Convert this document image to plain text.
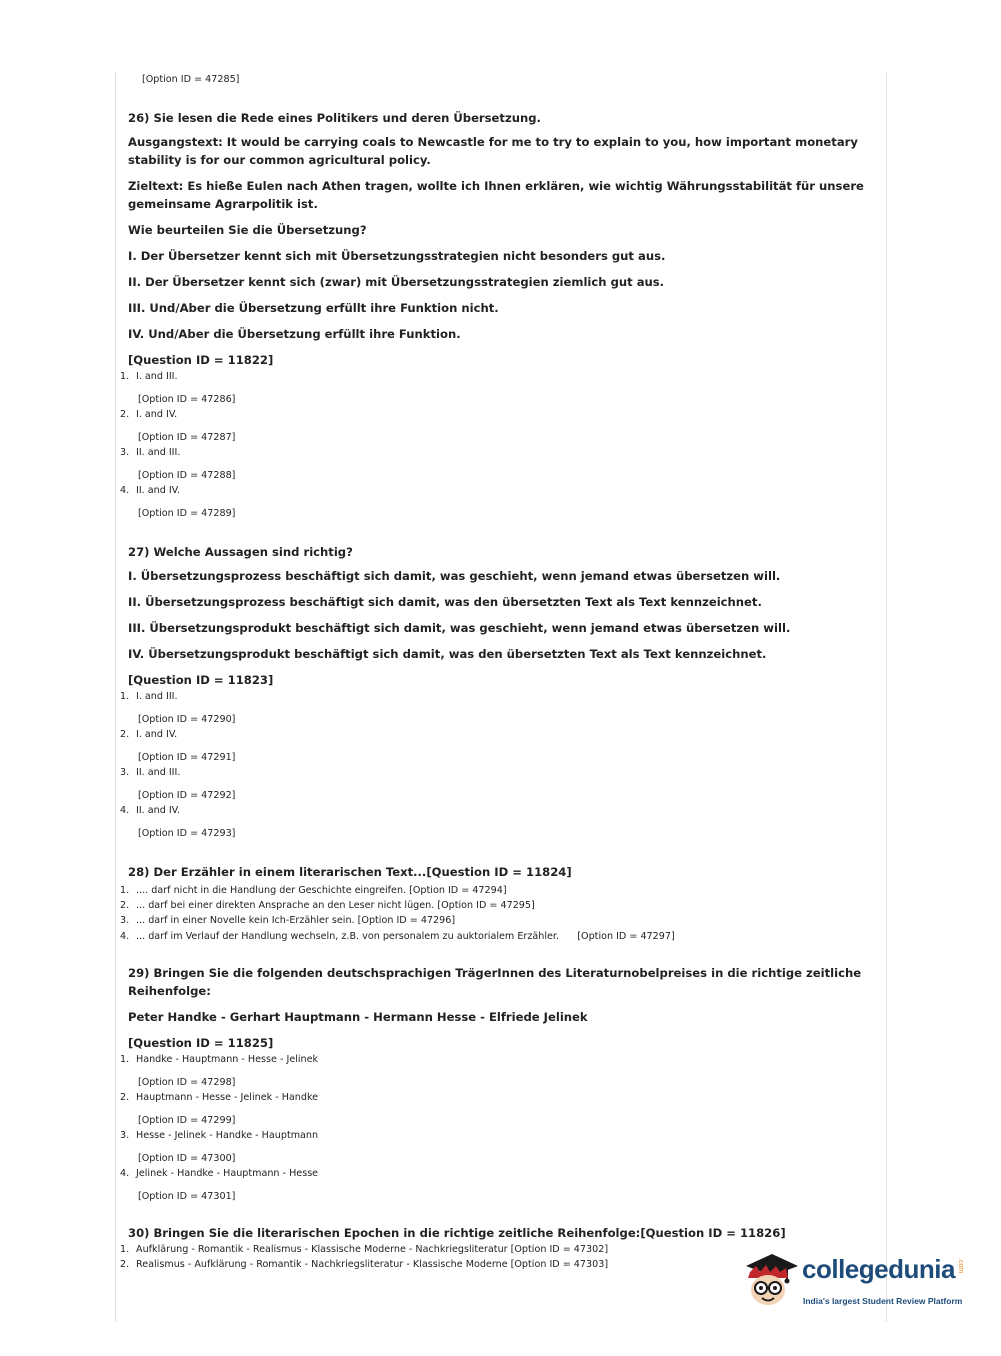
[Option ID = 47285]
26) Sie lesen die Rede eines Politikers und deren Übersetzung.
Ausgangstext: It would be carrying coals to Newcastle for me to try to explain to you, how important monetary stability is for our common agricultural policy.
Zieltext: Es hieße Eulen nach Athen tragen, wollte ich Ihnen erklären, wie wichtig Währungsstabilität für unsere gemeinsame Agrarpolitik ist.
Wie beurteilen Sie die Übersetzung?
I. Der Übersetzer kennt sich mit Übersetzungsstrategien nicht besonders gut aus.
II. Der Übersetzer kennt sich (zwar) mit Übersetzungsstrategien ziemlich gut aus.
III. Und/Aber die Übersetzung erfüllt ihre Funktion nicht.
IV. Und/Aber die Übersetzung erfüllt ihre Funktion.
[Question ID = 11822]
1. I. and III.
[Option ID = 47286]
2. I. and IV.
[Option ID = 47287]
3. II. and III.
[Option ID = 47288]
4. II. and IV.
[Option ID = 47289]
27) Welche Aussagen sind richtig?
I. Übersetzungsprozess beschäftigt sich damit, was geschieht, wenn jemand etwas übersetzen will.
II. Übersetzungsprozess beschäftigt sich damit, was den übersetzten Text als Text kennzeichnet.
III. Übersetzungsprodukt beschäftigt sich damit, was geschieht, wenn jemand etwas übersetzen will.
IV. Übersetzungsprodukt beschäftigt sich damit, was den übersetzten Text als Text kennzeichnet.
[Question ID = 11823]
1. I. and III.
[Option ID = 47290]
2. I. and IV.
[Option ID = 47291]
3. II. and III.
[Option ID = 47292]
4. II. and IV.
[Option ID = 47293]
28) Der Erzähler in einem literarischen Text...[Question ID = 11824]
1. .... darf nicht in die Handlung der Geschichte eingreifen. [Option ID = 47294]
2. ... darf bei einer direkten Ansprache an den Leser nicht lügen. [Option ID = 47295]
3. ... darf in einer Novelle kein Ich-Erzähler sein. [Option ID = 47296]
4. ... darf im Verlauf der Handlung wechseln, z.B. von personalem zu auktorialem Erzähler.      [Option ID = 47297]
29) Bringen Sie die folgenden deutschsprachigen TrägerInnen des Literaturnobelpreises in die richtige zeitliche Reihenfolge:
Peter Handke - Gerhart Hauptmann - Hermann Hesse - Elfriede Jelinek
[Question ID = 11825]
1. Handke - Hauptmann - Hesse - Jelinek
[Option ID = 47298]
2. Hauptmann - Hesse - Jelinek - Handke
[Option ID = 47299]
3. Hesse - Jelinek - Handke - Hauptmann
[Option ID = 47300]
4. Jelinek - Handke - Hauptmann - Hesse
[Option ID = 47301]
30) Bringen Sie die literarischen Epochen in die richtige zeitliche Reihenfolge:[Question ID = 11826]
1. Aufklärung - Romantik - Realismus - Klassische Moderne - Nachkriegsliteratur [Option ID = 47302]
2. Realismus - Aufklärung - Romantik - Nachkriegsliteratur - Klassische Moderne [Option ID = 47303]	collegedunia .com
India's largest Student Review Platform
